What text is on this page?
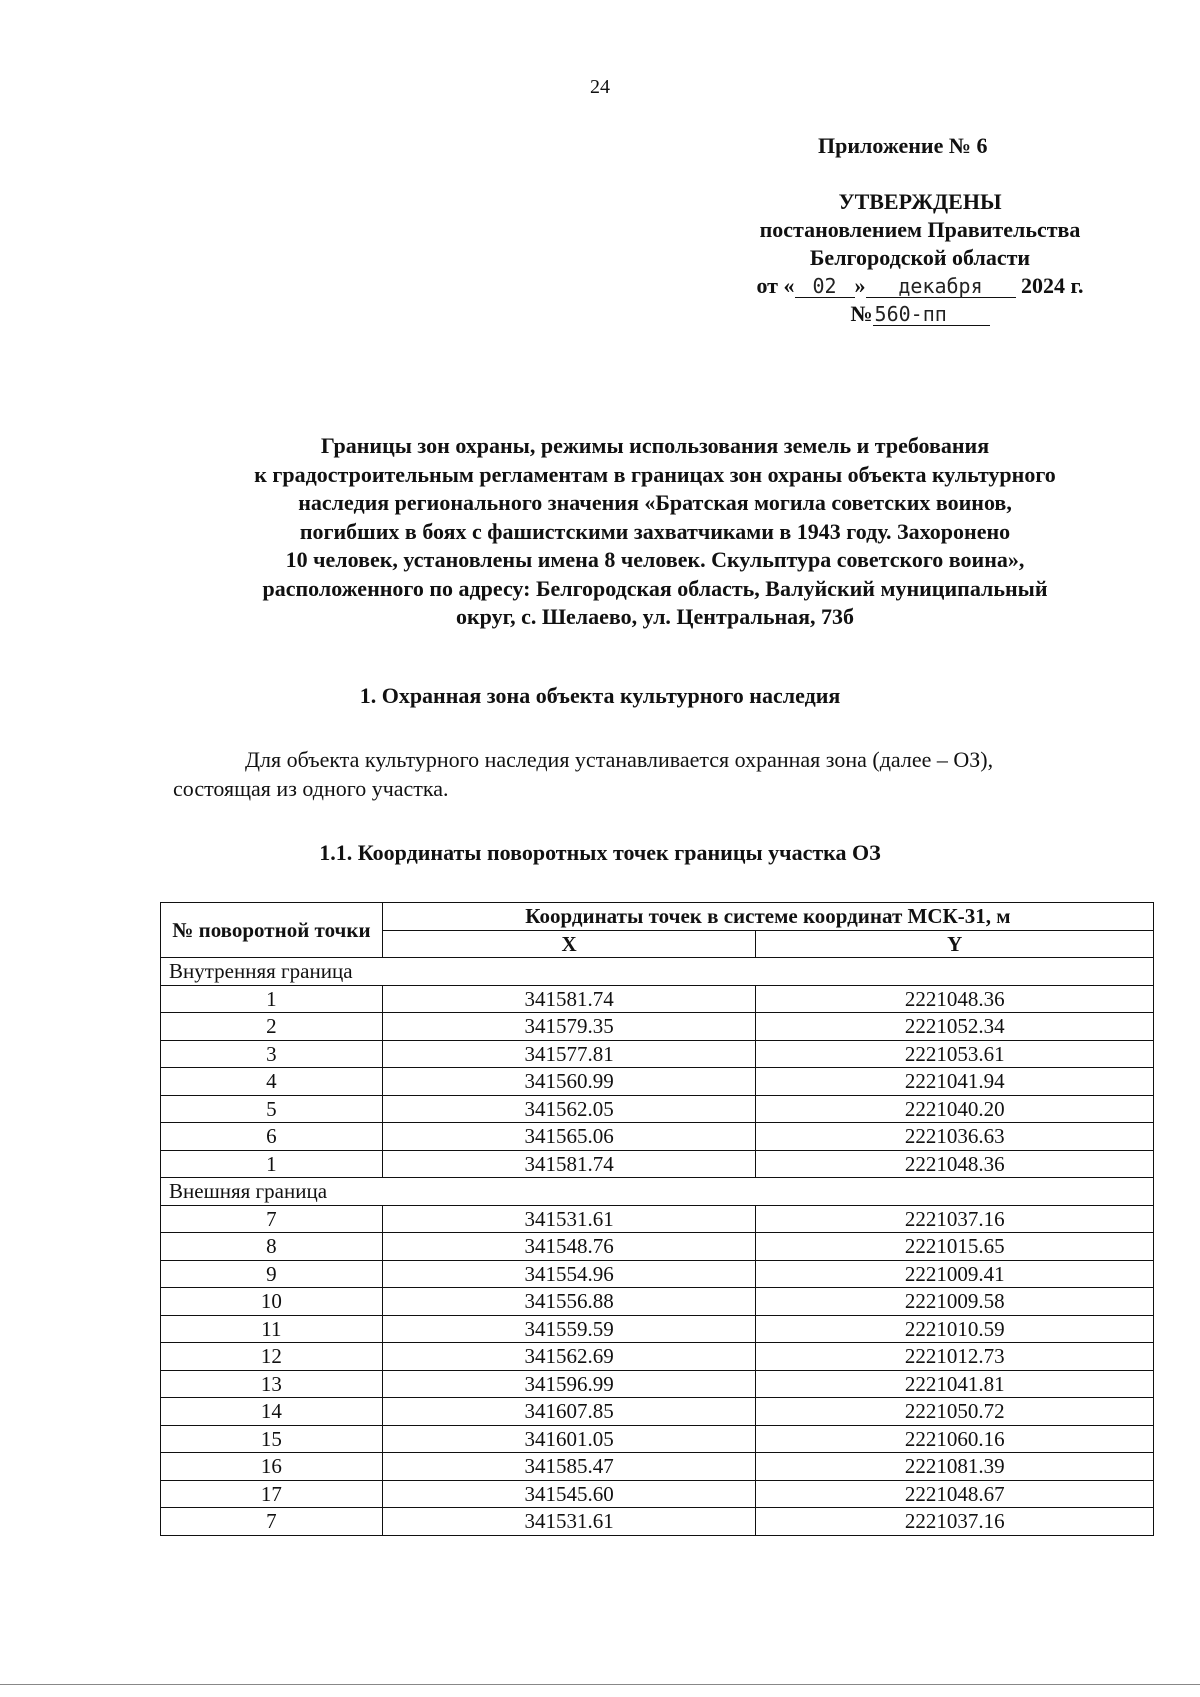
24
Приложение № 6
УТВЕРЖДЕНЫ
постановлением Правительства
Белгородской области
от « 02 » декабря 2024 г.
№ 560-пп
Границы зон охраны, режимы использования земель и требования
к градостроительным регламентам в границах зон охраны объекта культурного
наследия регионального значения «Братская могила советских воинов,
погибших в боях с фашистскими захватчиками в 1943 году. Захоронено
10 человек, установлены имена 8 человек. Скульптура советского воина»,
расположенного по адресу: Белгородская область, Валуйский муниципальный
округ, с. Шелаево, ул. Центральная, 73б
1. Охранная зона объекта культурного наследия
Для объекта культурного наследия устанавливается охранная зона (далее – ОЗ),
состоящая из одного участка.
1.1. Координаты поворотных точек границы участка ОЗ
№ поворотной точки	Координаты точек в системе координат МСК-31, м	
	X	Y
Внутренняя граница		
1	341581.74	2221048.36
2	341579.35	2221052.34
3	341577.81	2221053.61
4	341560.99	2221041.94
5	341562.05	2221040.20
6	341565.06	2221036.63
1	341581.74	2221048.36
Внешняя граница		
7	341531.61	2221037.16
8	341548.76	2221015.65
9	341554.96	2221009.41
10	341556.88	2221009.58
11	341559.59	2221010.59
12	341562.69	2221012.73
13	341596.99	2221041.81
14	341607.85	2221050.72
15	341601.05	2221060.16
16	341585.47	2221081.39
17	341545.60	2221048.67
7	341531.61	2221037.16
